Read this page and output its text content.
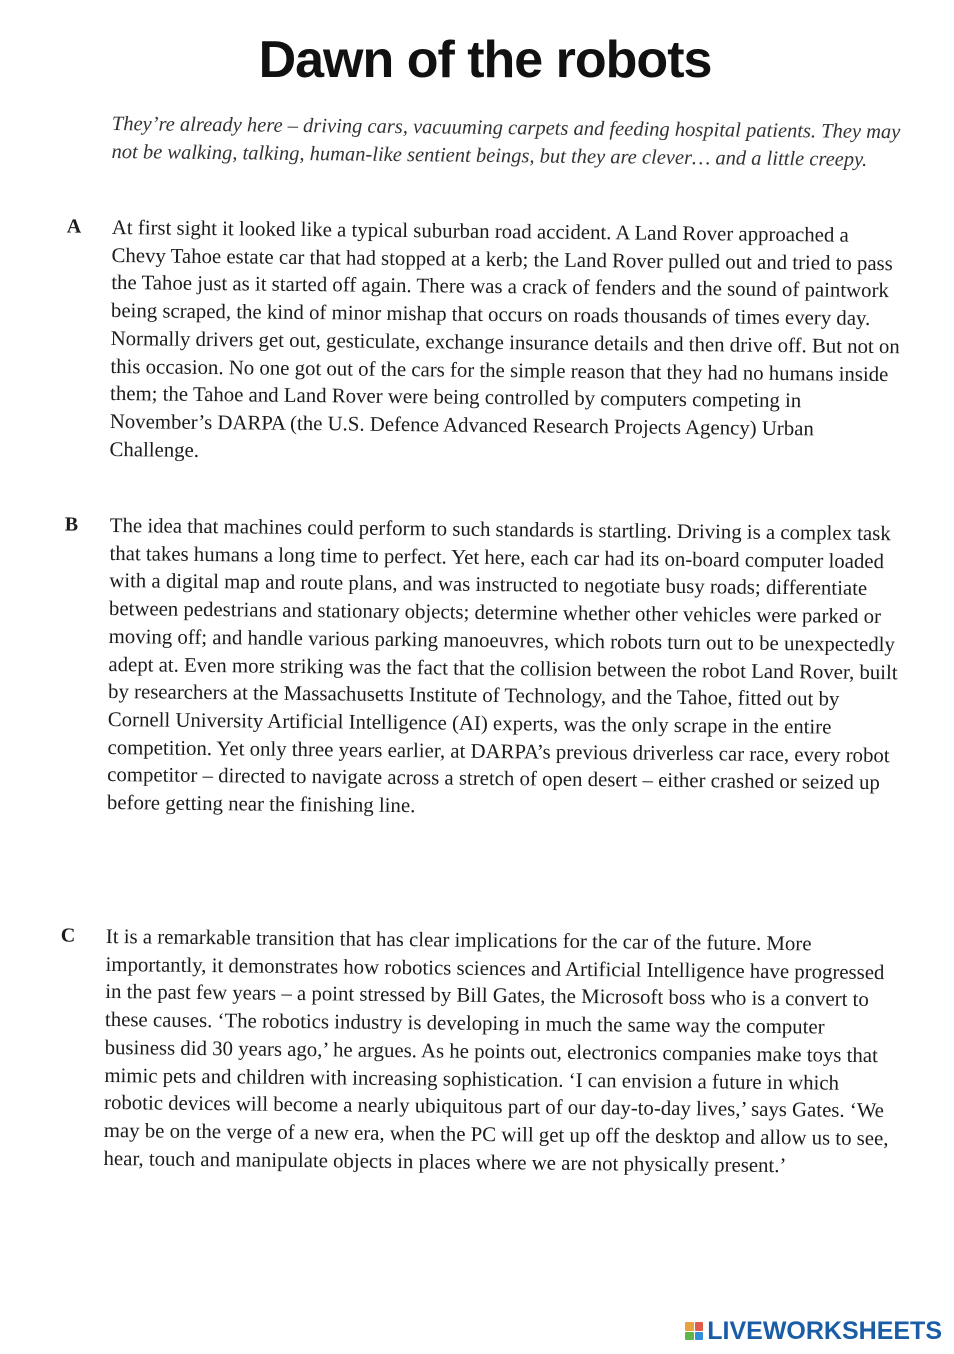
Dawn of the robots

They’re already here – driving cars, vacuuming carpets and feeding hospital patients. They may not be walking, talking, human-like sentient beings, but they are clever… and a little creepy.

A At first sight it looked like a typical suburban road accident. A Land Rover approached a Chevy Tahoe estate car that had stopped at a kerb; the Land Rover pulled out and tried to pass the Tahoe just as it started off again. There was a crack of fenders and the sound of paintwork being scraped, the kind of minor mishap that occurs on roads thousands of times every day. Normally drivers get out, gesticulate, exchange insurance details and then drive off. But not on this occasion. No one got out of the cars for the simple reason that they had no humans inside them; the Tahoe and Land Rover were being controlled by computers competing in November’s DARPA (the U.S. Defence Advanced Research Projects Agency) Urban Challenge.

B The idea that machines could perform to such standards is startling. Driving is a complex task that takes humans a long time to perfect. Yet here, each car had its on-board computer loaded with a digital map and route plans, and was instructed to negotiate busy roads; differentiate between pedestrians and stationary objects; determine whether other vehicles were parked or moving off; and handle various parking manoeuvres, which robots turn out to be unexpectedly adept at. Even more striking was the fact that the collision between the robot Land Rover, built by researchers at the Massachusetts Institute of Technology, and the Tahoe, fitted out by Cornell University Artificial Intelligence (AI) experts, was the only scrape in the entire competition. Yet only three years earlier, at DARPA’s previous driverless car race, every robot competitor – directed to navigate across a stretch of open desert – either crashed or seized up before getting near the finishing line.

C It is a remarkable transition that has clear implications for the car of the future. More importantly, it demonstrates how robotics sciences and Artificial Intelligence have progressed in the past few years – a point stressed by Bill Gates, the Microsoft boss who is a convert to these causes. ‘The robotics industry is developing in much the same way the computer business did 30 years ago,’ he argues. As he points out, electronics companies make toys that mimic pets and children with increasing sophistication. ‘I can envision a future in which robotic devices will become a nearly ubiquitous part of our day-to-day lives,’ says Gates. ‘We may be on the verge of a new era, when the PC will get up off the desktop and allow us to see, hear, touch and manipulate objects in places where we are not physically present.’

LIVEWORKSHEETS
